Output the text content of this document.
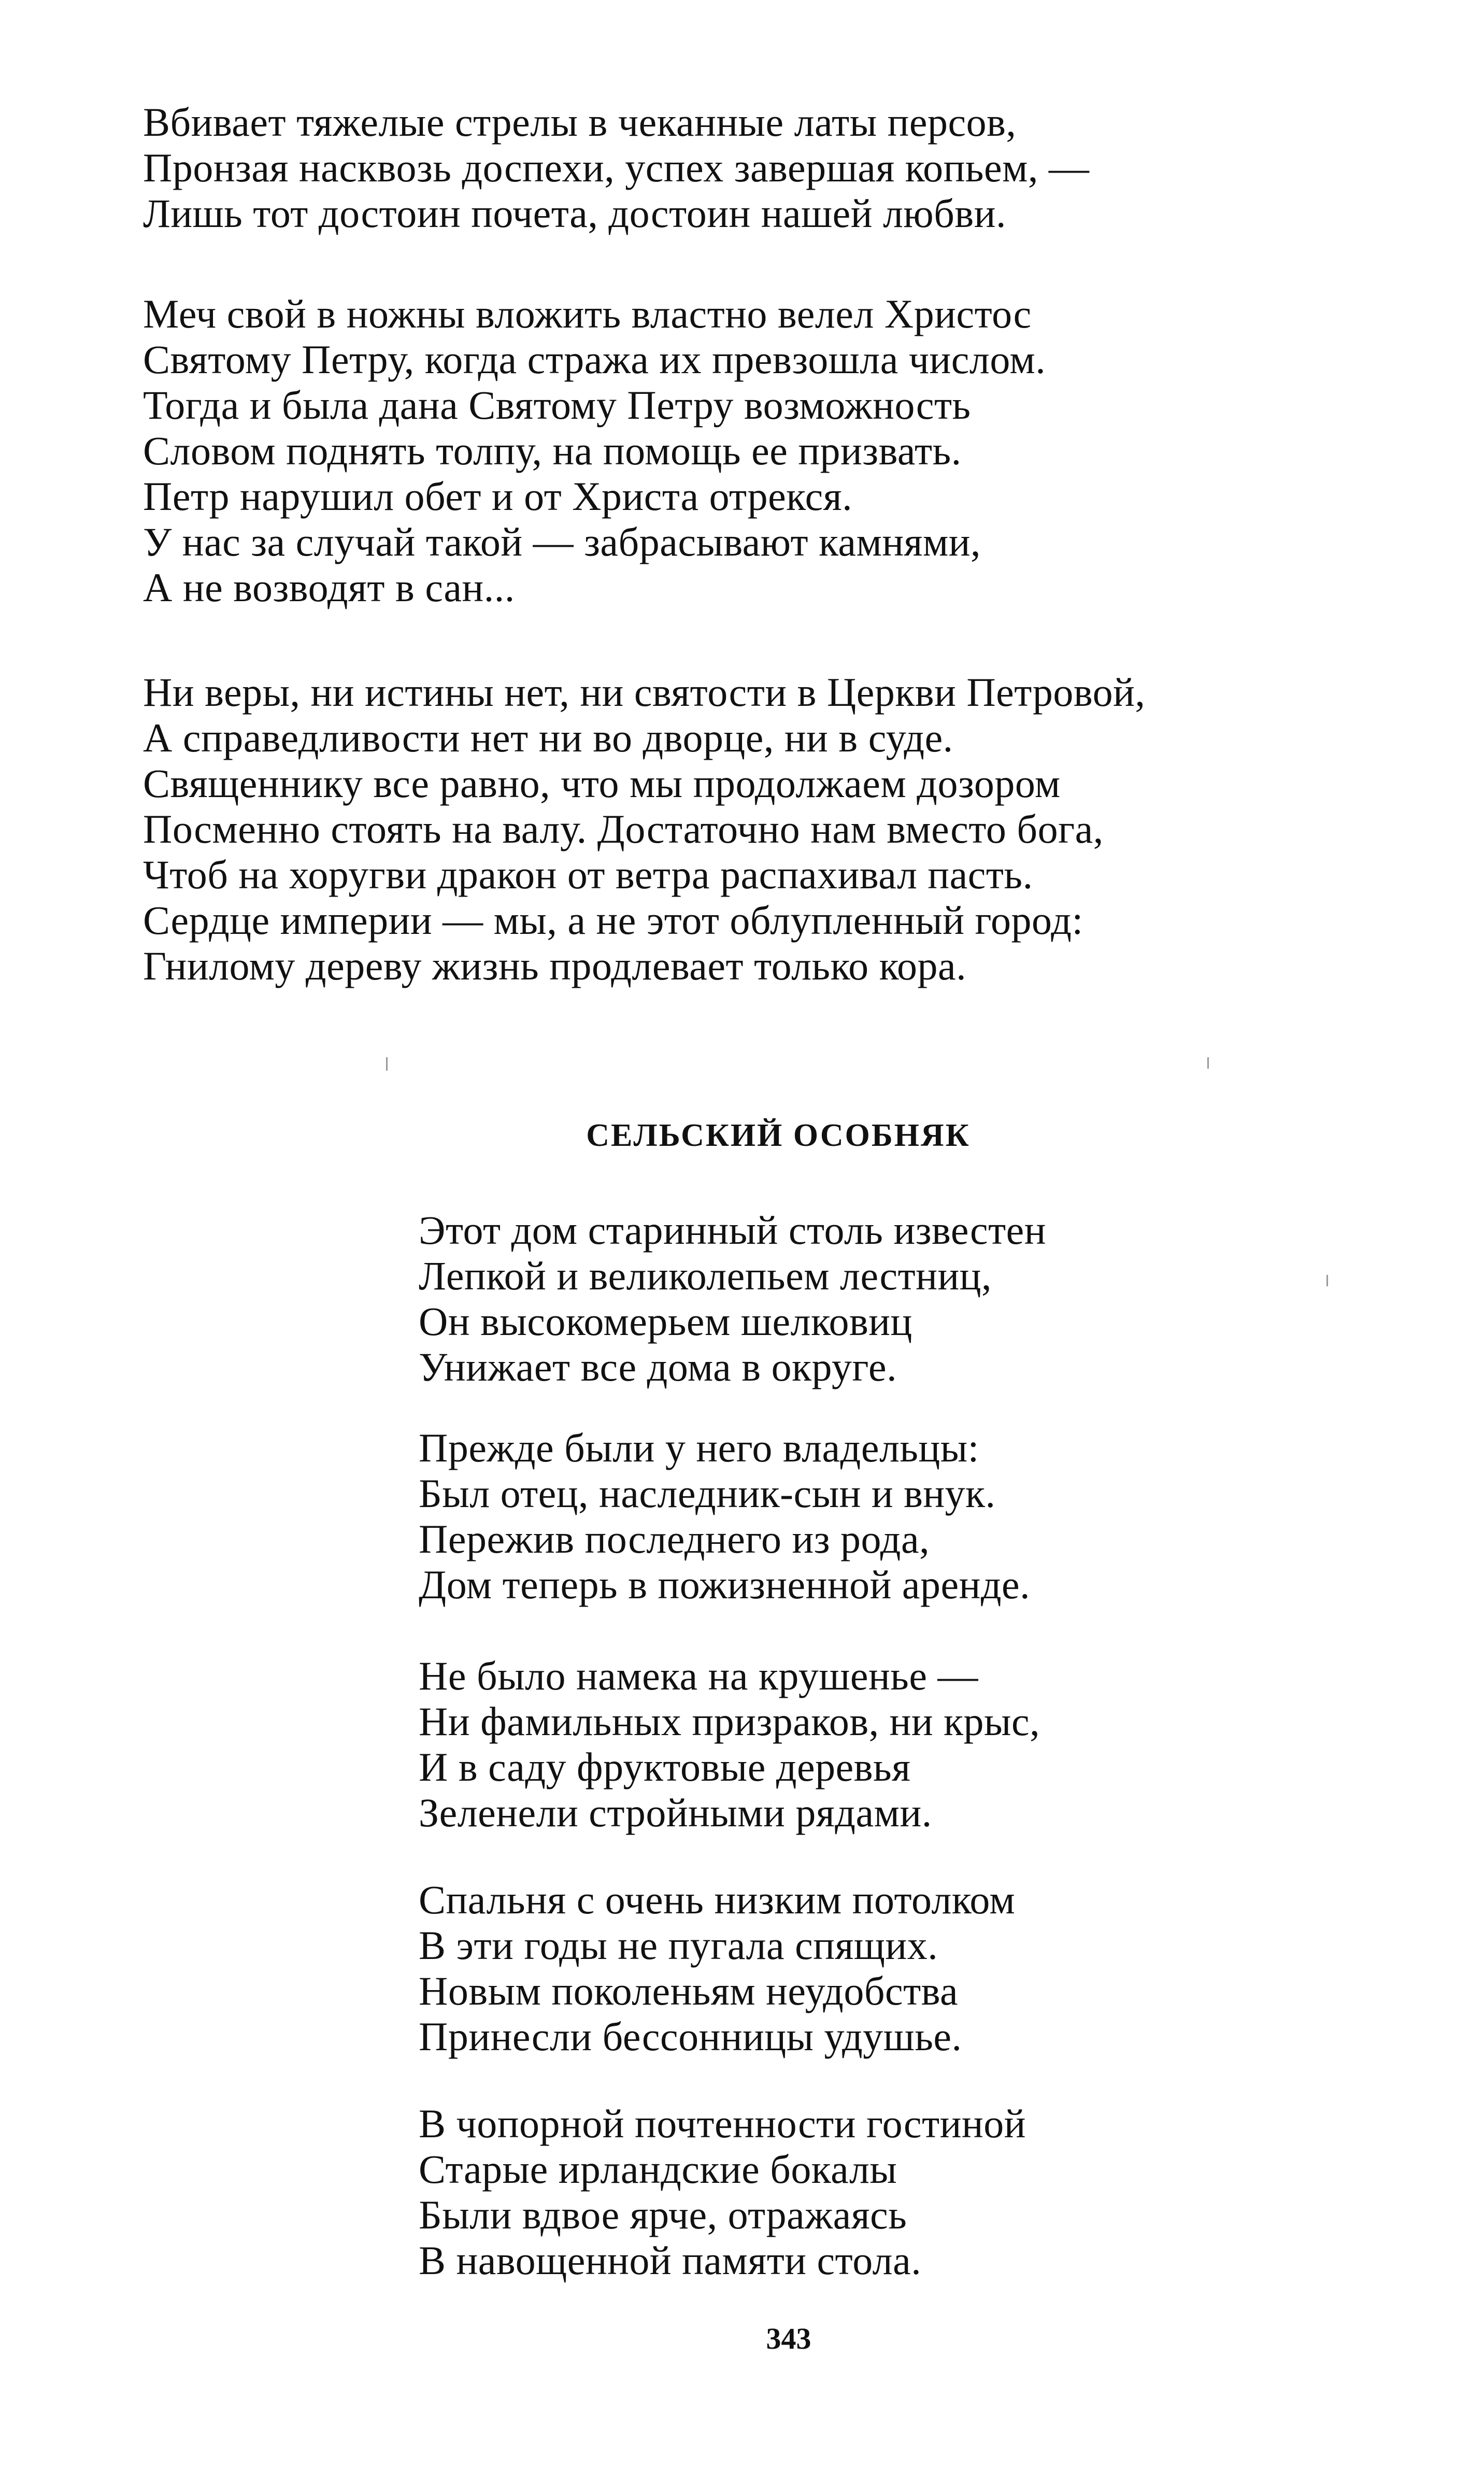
Вбивает тяжелые стрелы в чеканные латы персов,
Пронзая насквозь доспехи, успех завершая копьем, —
Лишь тот достоин почета, достоин нашей любви.

Меч свой в ножны вложить властно велел Христос
Святому Петру, когда стража их превзошла числом.
Тогда и была дана Святому Петру возможность
Словом поднять толпу, на помощь ее призвать.
Петр нарушил обет и от Христа отрекся.
У нас за случай такой — забрасывают камнями,
А не возводят в сан...

Ни веры, ни истины нет, ни святости в Церкви Петровой,
А справедливости нет ни во дворце, ни в суде.
Священнику все равно, что мы продолжаем дозором
Посменно стоять на валу. Достаточно нам вместо бога,
Чтоб на хоругви дракон от ветра распахивал пасть.
Сердце империи — мы, а не этот облупленный город:
Гнилому дереву жизнь продлевает только кора.

СЕЛЬСКИЙ ОСОБНЯК

Этот дом старинный столь известен
Лепкой и великолепьем лестниц,
Он высокомерьем шелковиц
Унижает все дома в округе.

Прежде были у него владельцы:
Был отец, наследник-сын и внук.
Пережив последнего из рода,
Дом теперь в пожизненной аренде.

Не было намека на крушенье —
Ни фамильных призраков, ни крыс,
И в саду фруктовые деревья
Зеленели стройными рядами.

Спальня с очень низким потолком
В эти годы не пугала спящих.
Новым поколеньям неудобства
Принесли бессонницы удушье.

В чопорной почтенности гостиной
Старые ирландские бокалы
Были вдвое ярче, отражаясь
В навощенной памяти стола.

343
